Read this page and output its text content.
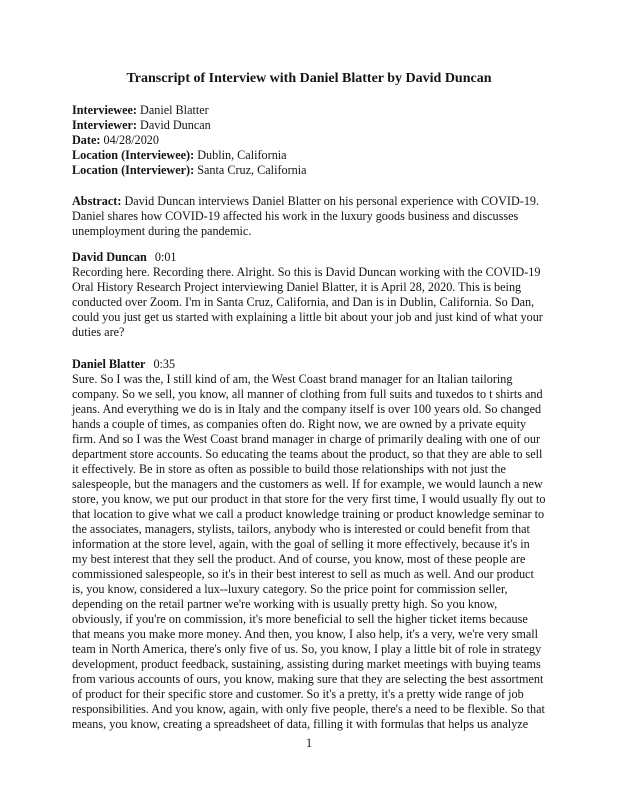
Transcript of Interview with Daniel Blatter by David Duncan

Interviewee: Daniel Blatter

Interviewer: David Duncan

Date: 04/28/2020

Location (Interviewee): Dublin, California

Location (Interviewer): Santa Cruz, California

Abstract: David Duncan interviews Daniel Blatter on his personal experience with COVID-19. Daniel shares how COVID-19 affected his work in the luxury goods business and discusses unemployment during the pandemic.

David Duncan 0:01

Recording here. Recording there. Alright. So this is David Duncan working with the COVID-19 Oral History Research Project interviewing Daniel Blatter, it is April 28, 2020. This is being conducted over Zoom. I'm in Santa Cruz, California, and Dan is in Dublin, California. So Dan, could you just get us started with explaining a little bit about your job and just kind of what your duties are?

Daniel Blatter 0:35

Sure. So I was the, I still kind of am, the West Coast brand manager for an Italian tailoring company. So we sell, you know, all manner of clothing from full suits and tuxedos to t shirts and jeans. And everything we do is in Italy and the company itself is over 100 years old. So changed hands a couple of times, as companies often do. Right now, we are owned by a private equity firm. And so I was the West Coast brand manager in charge of primarily dealing with one of our department store accounts. So educating the teams about the product, so that they are able to sell it effectively. Be in store as often as possible to build those relationships with not just the salespeople, but the managers and the customers as well. If for example, we would launch a new store, you know, we put our product in that store for the very first time, I would usually fly out to that location to give what we call a product knowledge training or product knowledge seminar to the associates, managers, stylists, tailors, anybody who is interested or could benefit from that information at the store level, again, with the goal of selling it more effectively, because it's in my best interest that they sell the product. And of course, you know, most of these people are commissioned salespeople, so it's in their best interest to sell as much as well. And our product is, you know, considered a lux--luxury category. So the price point for commission seller, depending on the retail partner we're working with is usually pretty high. So you know, obviously, if you're on commission, it's more beneficial to sell the higher ticket items because that means you make more money. And then, you know, I also help, it's a very, we're very small team in North America, there's only five of us. So, you know, I play a little bit of role in strategy development, product feedback, sustaining, assisting during market meetings with buying teams from various accounts of ours, you know, making sure that they are selecting the best assortment of product for their specific store and customer. So it's a pretty, it's a pretty wide range of job responsibilities. And you know, again, with only five people, there's a need to be flexible. So that means, you know, creating a spreadsheet of data, filling it with formulas that helps us analyze

1
